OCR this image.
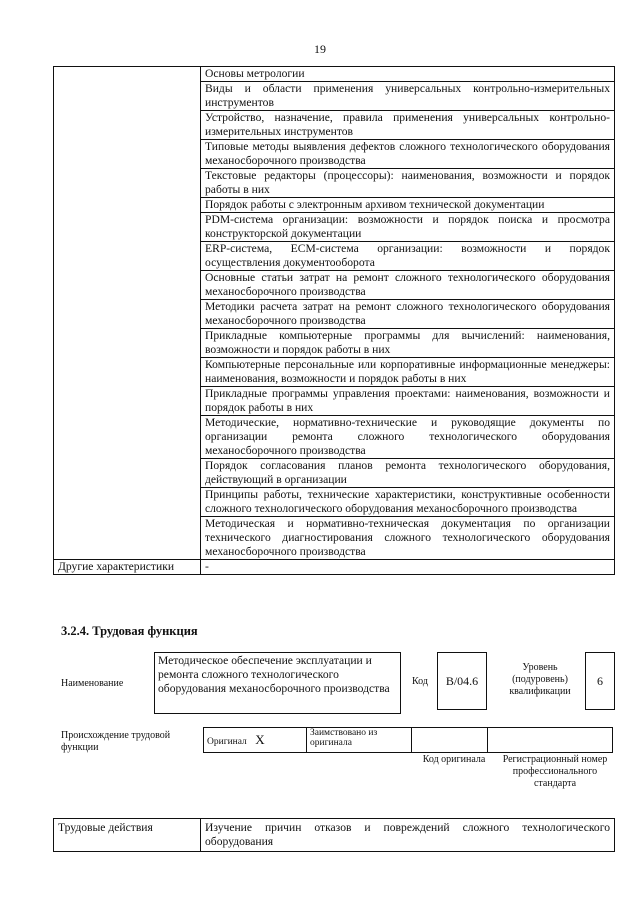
19
	Основы метрологии
	Виды и области применения универсальных контрольно-измерительных инструментов
	Устройство, назначение, правила применения универсальных контрольно-измерительных инструментов
	Типовые методы выявления дефектов сложного технологического оборудования механосборочного производства
	Текстовые редакторы (процессоры): наименования, возможности и порядок работы в них
	Порядок работы с электронным архивом технической документации
	PDM-система организации: возможности и порядок поиска и просмотра конструкторской документации
	ERP-система, ECM-система организации: возможности и порядок осуществления документооборота
	Основные статьи затрат на ремонт сложного технологического оборудования механосборочного производства
	Методики расчета затрат на ремонт сложного технологического оборудования механосборочного производства
	Прикладные компьютерные программы для вычислений: наименования, возможности и порядок работы в них
	Компьютерные персональные или корпоративные информационные менеджеры: наименования, возможности и порядок работы в них
	Прикладные программы управления проектами: наименования, возможности и порядок работы в них
	Методические, нормативно-технические и руководящие документы по организации ремонта сложного технологического оборудования механосборочного производства
	Порядок согласования планов ремонта технологического оборудования, действующий в организации
	Принципы работы, технические характеристики, конструктивные особенности сложного технологического оборудования механосборочного производства
	Методическая и нормативно-техническая документация по организации технического диагностирования сложного технологического оборудования механосборочного производства
Другие характеристики	-
3.2.4. Трудовая функция
Наименование
Методическое обеспечение эксплуатации и ремонта сложного технологического оборудования механосборочного производства
Код	В/04.6
Уровень (подуровень) квалификации
6
Происхождение трудовой функции	Оригинал X	Заимствовано из оригинала		
Код оригинала Регистрационный номер профессионального стандарта
Трудовые действия	Изучение причин отказов и повреждений сложного технологического оборудования
